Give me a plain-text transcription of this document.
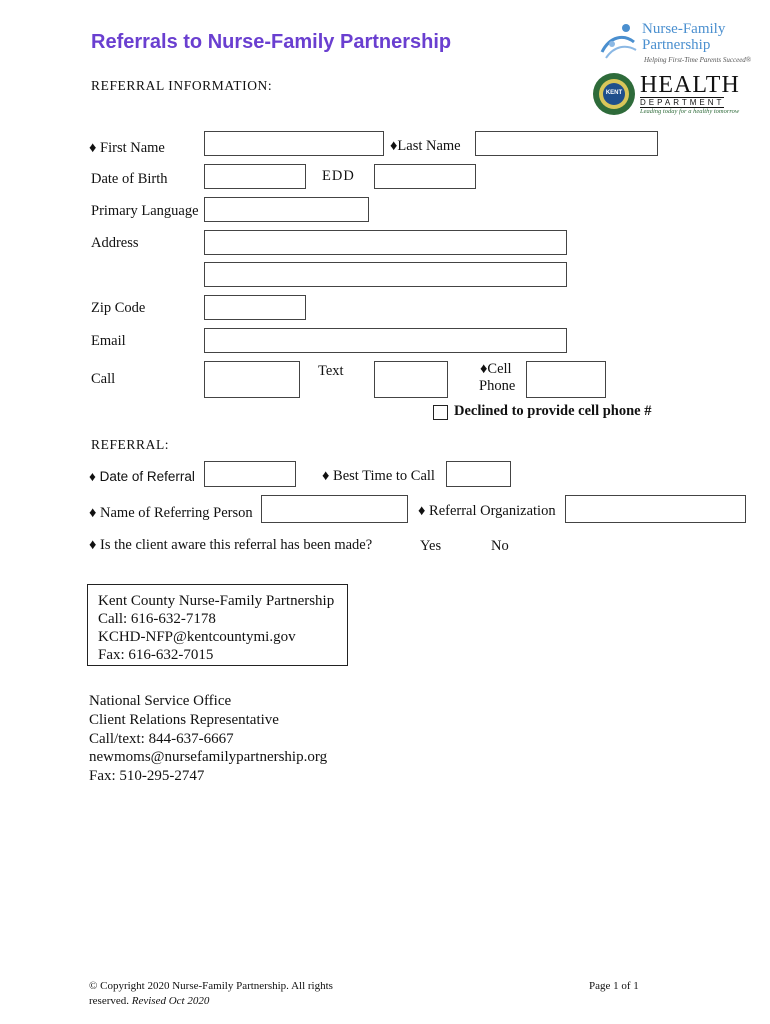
Referrals to Nurse-Family Partnership
Nurse-Family
Partnership
Helping First-Time Parents Succeed®
KENT HEALTH
DEPARTMENT
Leading today for a healthy tomorrow
REFERRAL INFORMATION:
♦ First Name	♦Last Name
Date of Birth	EDD
Primary Language
Address
Zip Code
Email
Call	Text	♦Cell
Phone
Declined to provide cell phone #
REFERRAL:
♦ Date of Referral	♦ Best Time to Call
♦ Name of Referring Person	♦ Referral Organization
♦ Is the client aware this referral has been made?	Yes	No
Kent County Nurse-Family Partnership
Call: 616-632-7178
KCHD-NFP@kentcountymi.gov
Fax: 616-632-7015
National Service Office
Client Relations Representative
Call/text: 844-637-6667
newmoms@nursefamilypartnership.org
Fax: 510-295-2747
© Copyright 2020 Nurse-Family Partnership. All rights
reserved. Revised Oct 2020
Page 1 of 1
